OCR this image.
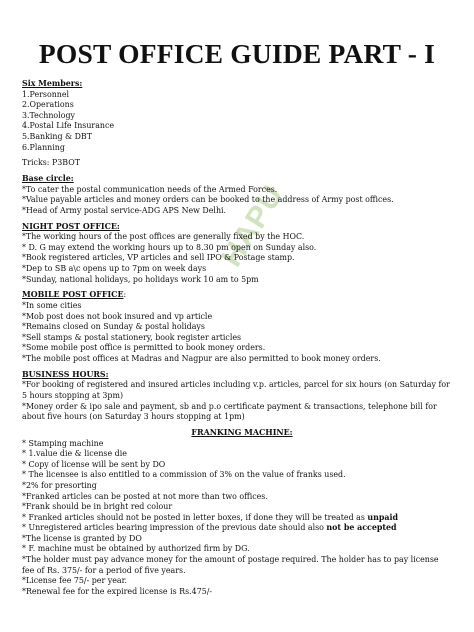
POST OFFICE GUIDE PART - I
HAPU
Six Members:
1.Personnel
2.Operations
3.Technology
4.Postal Life Insurance
5.Banking & DBT
6.Planning
Tricks: P3BOT
Base circle:
*To cater the postal communication needs of the Armed Forces.
*Value payable articles and money orders can be booked to the address of Army post offices.
*Head of Army postal service-ADG APS New Delhi.
NIGHT POST OFFICE:
*The working hours of the post offices are generally fixed by the HOC.
* D. G may extend the working hours up to 8.30 pm open on Sunday also.
*Book registered articles, VP articles and sell IPO & Postage stamp.
*Dep to SB a\c opens up to 7pm on week days
*Sunday, national holidays, po holidays work 10 am to 5pm
MOBILE POST OFFICE:
*In some cities
*Mob post does not book insured and vp article
*Remains closed on Sunday & postal holidays
*Sell stamps & postal stationery, book register articles
*Some mobile post office is permitted to book money orders.
*The mobile post offices at Madras and Nagpur are also permitted to book money orders.
BUSINESS HOURS:
*For booking of registered and insured articles including v.p. articles, parcel for six hours (on Saturday for
5 hours stopping at 3pm)
*Money order & ipo sale and payment, sb and p.o certificate payment & transactions, telephone bill for
about five hours (on Saturday 3 hours stopping at 1pm)
FRANKING MACHINE:
* Stamping machine
* 1.value die & license die
* Copy of license will be sent by DO
* The licensee is also entitled to a commission of 3% on the value of franks used.
*2% for presorting
*Franked articles can be posted at not more than two offices.
*Frank should be in bright red colour
* Franked articles should not be posted in letter boxes, if done they will be treated as unpaid
* Unregistered articles bearing impression of the previous date should also not be accepted
*The license is granted by DO
* F. machine must be obtained by authorized firm by DG.
*The holder must pay advance money for the amount of postage required. The holder has to pay license
fee of Rs. 375/- for a period of five years.
*License fee 75/- per year.
*Renewal fee for the expired license is Rs.475/-
